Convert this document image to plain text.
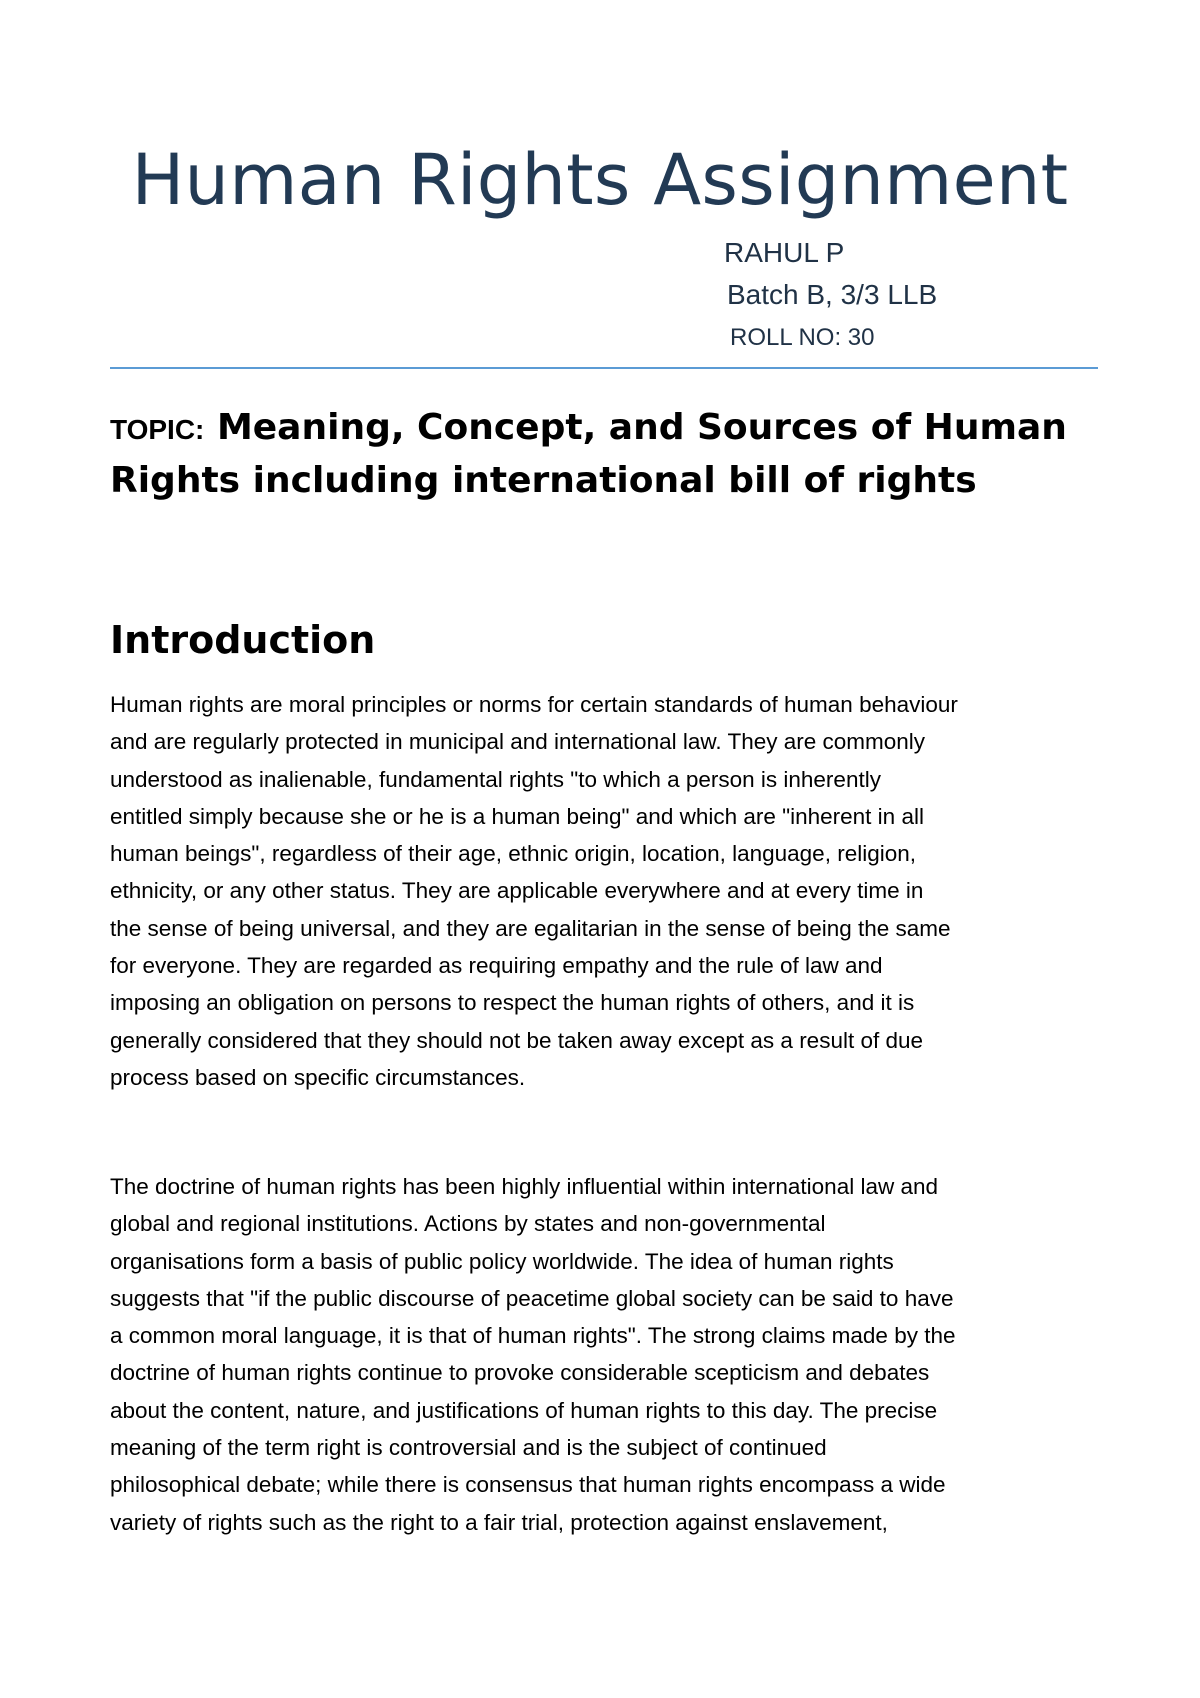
Human Rights Assignment
RAHUL P
Batch B, 3/3 LLB
ROLL NO: 30
TOPIC: Meaning, Concept, and Sources of Human Rights including international bill of rights
Introduction

Human rights are moral principles or norms for certain standards of human behaviour
and are regularly protected in municipal and international law. They are commonly
understood as inalienable, fundamental rights "to which a person is inherently
entitled simply because she or he is a human being" and which are "inherent in all
human beings", regardless of their age, ethnic origin, location, language, religion,
ethnicity, or any other status. They are applicable everywhere and at every time in
the sense of being universal, and they are egalitarian in the sense of being the same
for everyone. They are regarded as requiring empathy and the rule of law and
imposing an obligation on persons to respect the human rights of others, and it is
generally considered that they should not be taken away except as a result of due
process based on specific circumstances.

The doctrine of human rights has been highly influential within international law and
global and regional institutions. Actions by states and non-governmental
organisations form a basis of public policy worldwide. The idea of human rights
suggests that "if the public discourse of peacetime global society can be said to have
a common moral language, it is that of human rights". The strong claims made by the
doctrine of human rights continue to provoke considerable scepticism and debates
about the content, nature, and justifications of human rights to this day. The precise
meaning of the term right is controversial and is the subject of continued
philosophical debate; while there is consensus that human rights encompass a wide
variety of rights such as the right to a fair trial, protection against enslavement,
